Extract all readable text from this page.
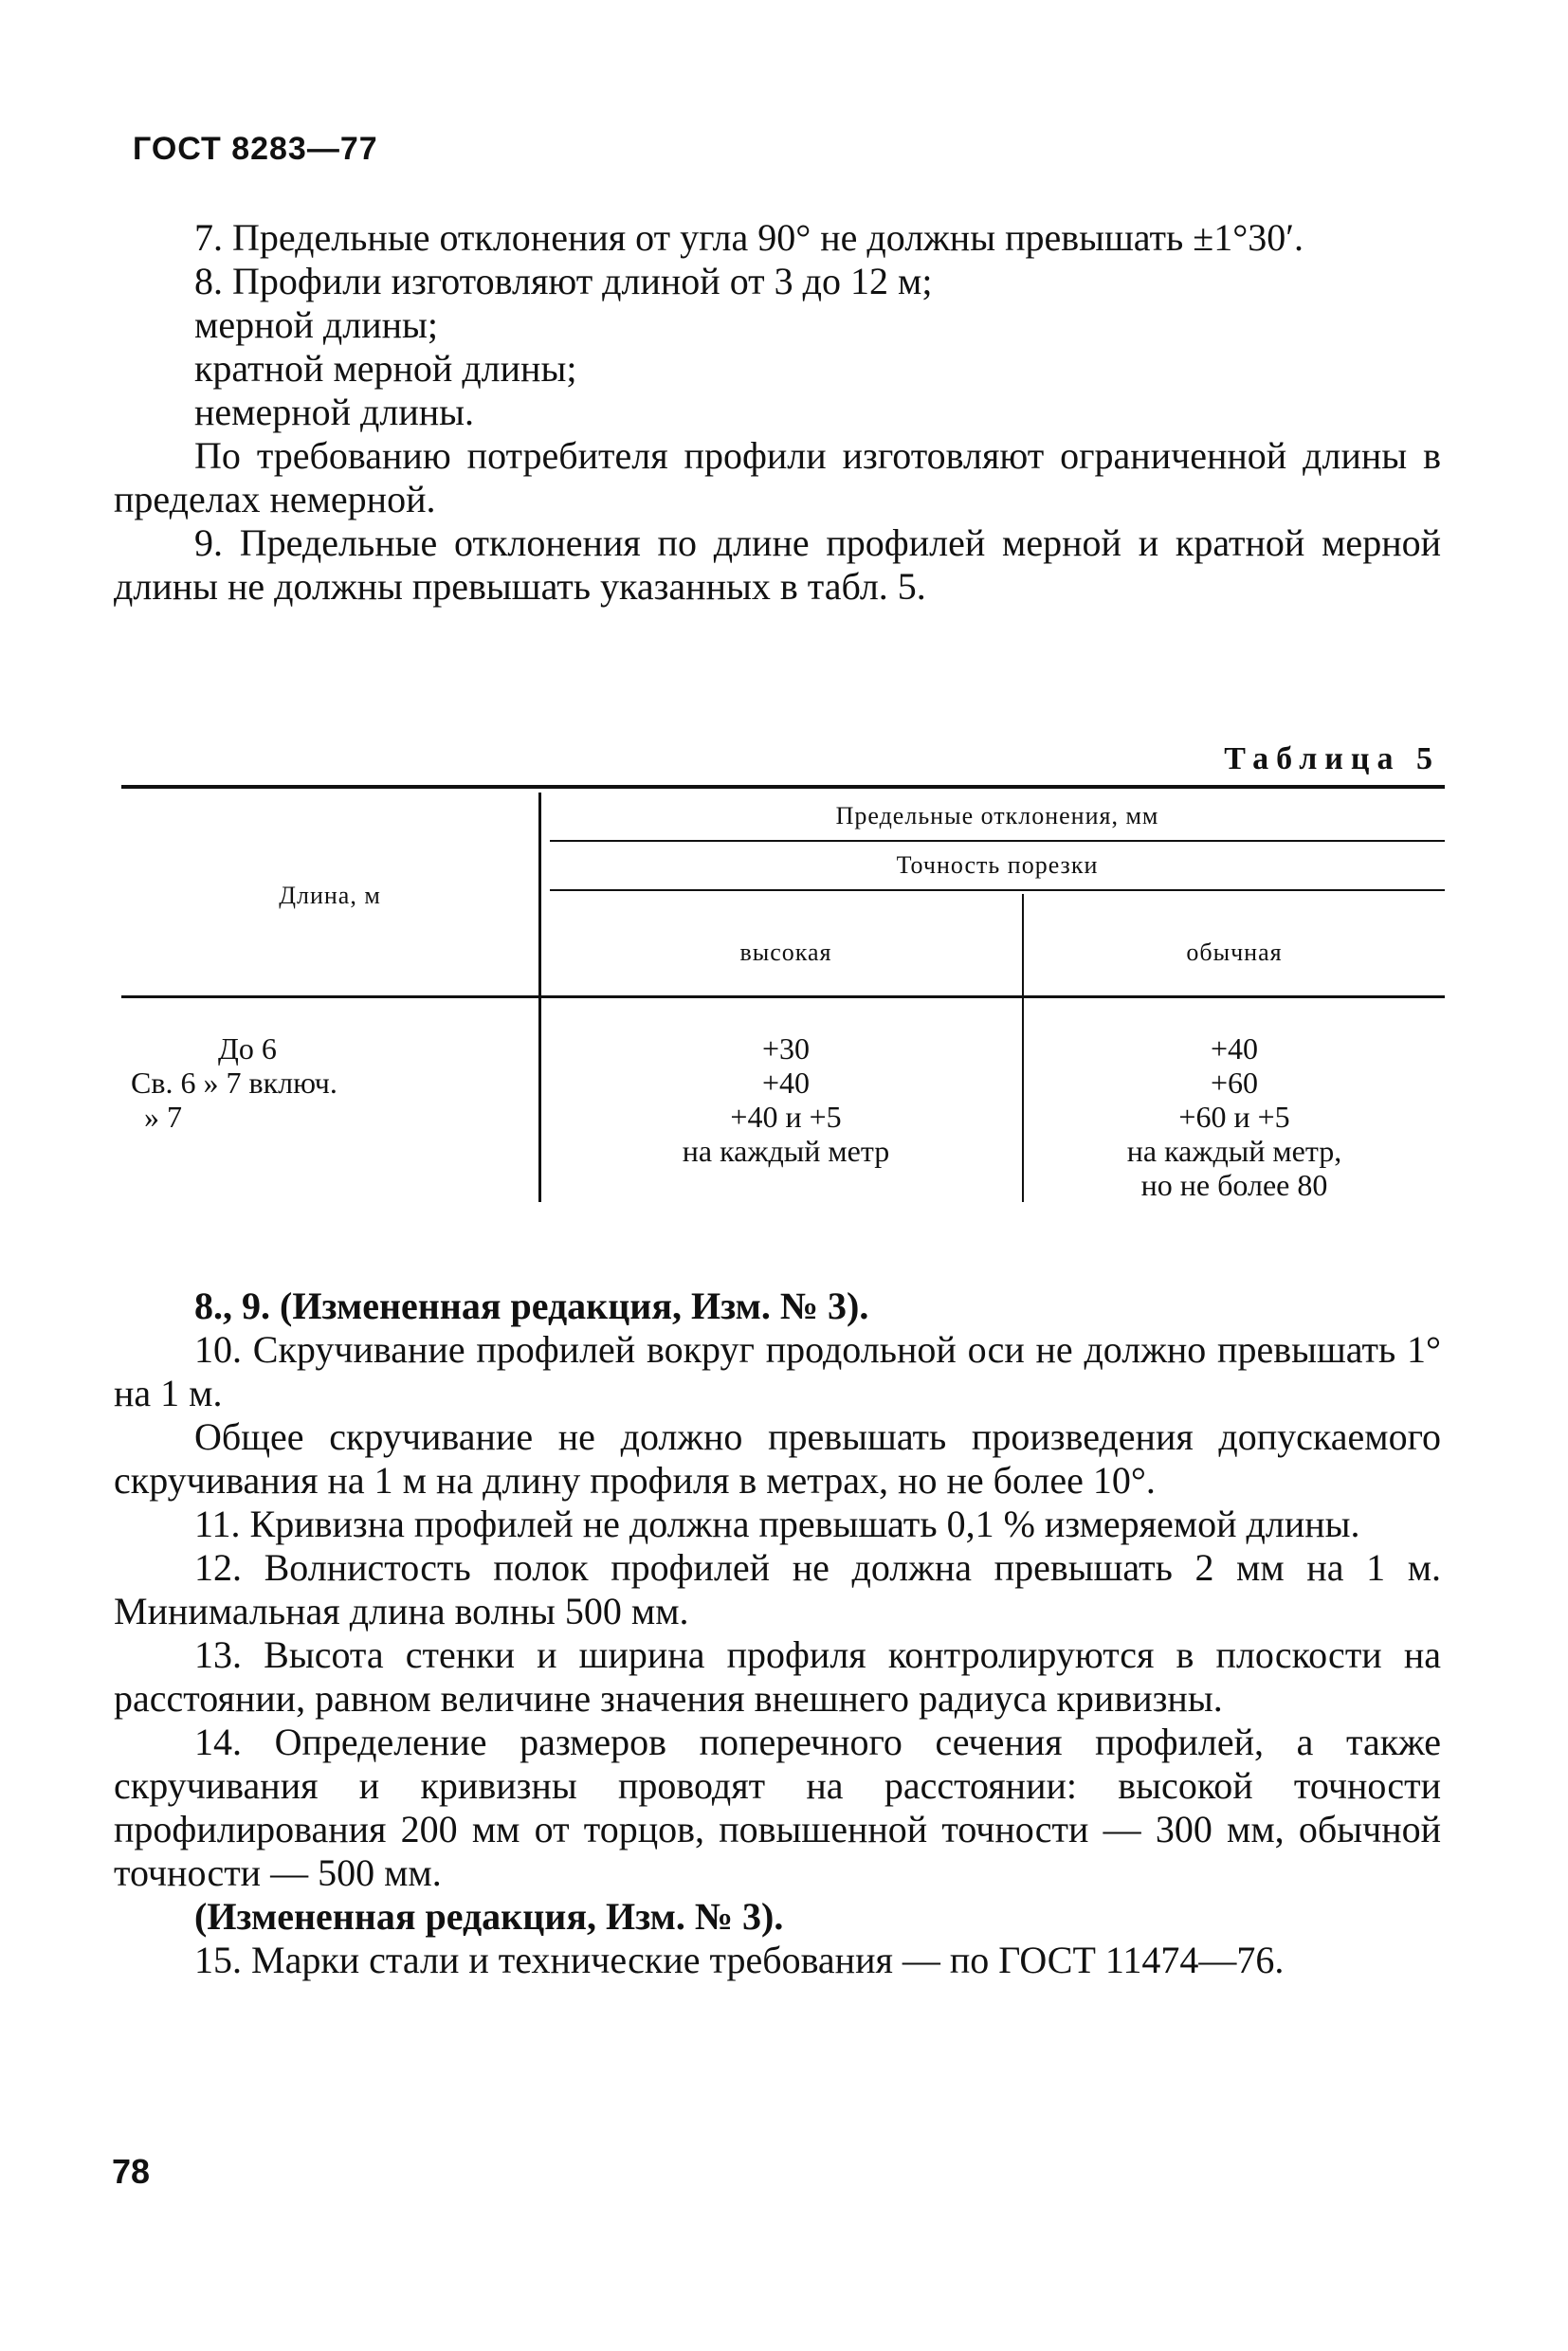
ГОСТ 8283—77

7. Предельные отклонения от угла 90° не должны превышать ±1°30′.

8. Профили изготовляют длиной от 3 до 12 м;

мерной длины;

кратной мерной длины;

немерной длины.

По требованию потребителя профили изготовляют ограниченной длины в пределах немерной.

9. Предельные отклонения по длине профилей мерной и кратной мерной длины не должны превышать указанных в табл. 5.

Таблица 5
Длина, м
Предельные отклонения, мм
Точность порезки
высокая	обычная
До 6
Св. 6 » 7 включ.
» 7
+30
+40
+40 и +5
на каждый метр
+40
+60
+60 и +5
на каждый метр,
но не более 80

8., 9. (Измененная редакция, Изм. № 3).

10. Скручивание профилей вокруг продольной оси не должно превышать 1° на 1 м.

Общее скручивание не должно превышать произведения допускаемого скручивания на 1 м на длину профиля в метрах, но не более 10°.

11. Кривизна профилей не должна превышать 0,1 % измеряемой длины.

12. Волнистость полок профилей не должна превышать 2 мм на 1 м. Минимальная длина волны 500 мм.

13. Высота стенки и ширина профиля контролируются в плоскости на расстоянии, равном величине значения внешнего радиуса кривизны.

14. Определение размеров поперечного сечения профилей, а также скручивания и кривизны проводят на расстоянии: высокой точности профилирования 200 мм от торцов, повышенной точности — 300 мм, обычной точности — 500 мм.

(Измененная редакция, Изм. № 3).

15. Марки стали и технические требования — по ГОСТ 11474—76.

78
